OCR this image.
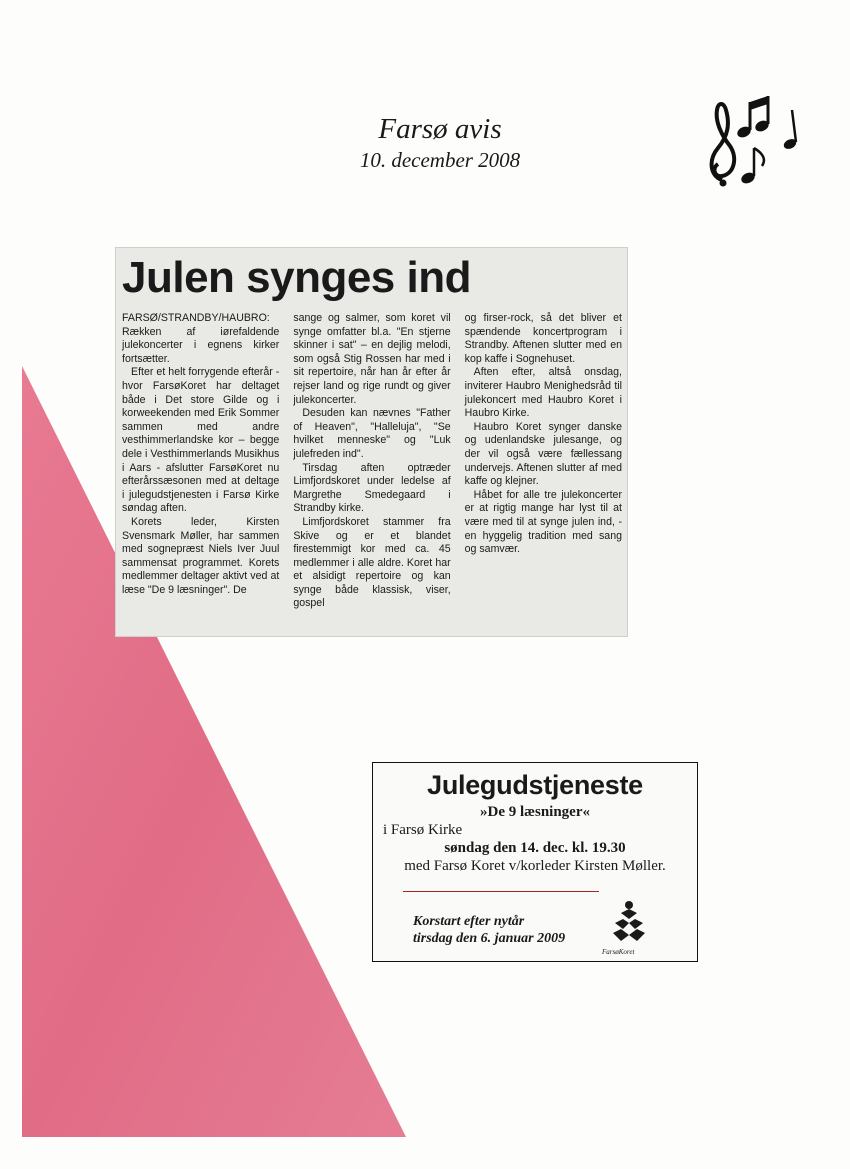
Farsø avis
10. december 2008
Julen synges ind

FARSØ/STRANDBY/HAUBRO: Rækken af iørefaldende julekoncerter i egnens kirker fortsætter.

Efter et helt forrygende efterår - hvor FarsøKoret har deltaget både i Det store Gilde og i korweekenden med Erik Sommer sammen med andre vesthimmerlandske kor – begge dele i Vesthimmerlands Musikhus i Aars - afslutter FarsøKoret nu efterårssæsonen med at deltage i julegudstjenesten i Farsø Kirke søndag aften.

Korets leder, Kirsten Svensmark Møller, har sammen med sognepræst Niels Iver Juul sammensat programmet. Korets medlemmer deltager aktivt ved at læse "De 9 læsninger". De

sange og salmer, som koret vil synge omfatter bl.a. "En stjerne skinner i sat" – en dejlig melodi, som også Stig Rossen har med i sit repertoire, når han år efter år rejser land og rige rundt og giver julekoncerter.

Desuden kan nævnes "Father of Heaven", "Halleluja", "Se hvilket menneske" og "Luk julefreden ind".

Tirsdag aften optræder Limfjordskoret under ledelse af Margrethe Smedegaard i Strandby kirke.

Limfjordskoret stammer fra Skive og er et blandet firestemmigt kor med ca. 45 medlemmer i alle aldre. Koret har et alsidigt repertoire og kan synge både klassisk, viser, gospel

og firser-rock, så det bliver et spændende koncertprogram i Strandby. Aftenen slutter med en kop kaffe i Sognehuset.

Aften efter, altså onsdag, inviterer Haubro Menighedsråd til julekoncert med Haubro Koret i Haubro Kirke.

Haubro Koret synger danske og udenlandske julesange, og der vil også være fællessang undervejs. Aftenen slutter af med kaffe og klejner.

Håbet for alle tre julekoncerter er at rigtig mange har lyst til at være med til at synge julen ind, - en hyggelig tradition med sang og samvær.

Julegudstjeneste
»De 9 læsninger«
i Farsø Kirke
søndag den 14. dec. kl. 19.30
med Farsø Koret v/korleder Kirsten Møller.
Korstart efter nytår
tirsdag den 6. januar 2009
FarsøKoret
